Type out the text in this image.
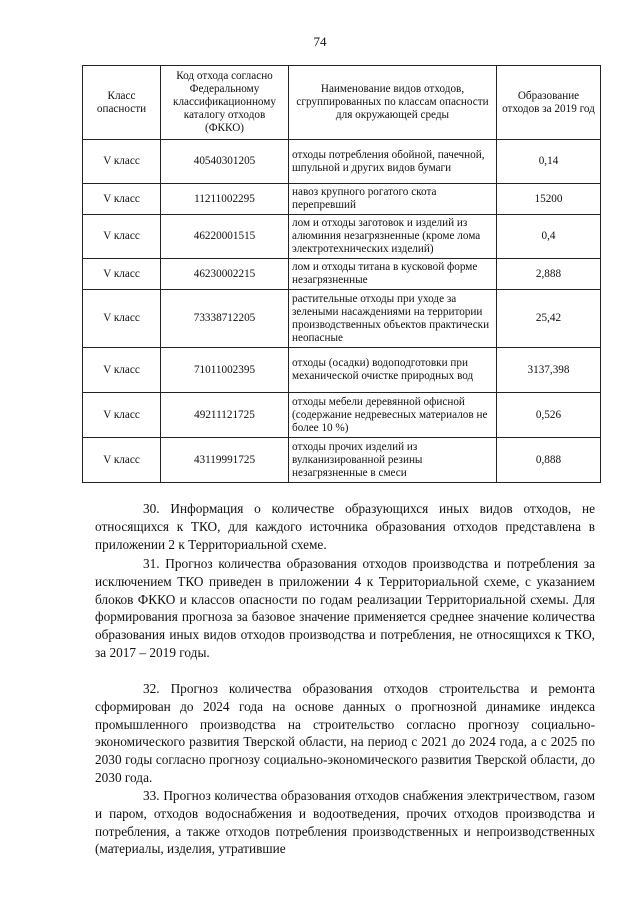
74
Класс опасности	Код отхода согласно Федеральному классификационному каталогу отходов (ФККО)	Наименование видов отходов, сгруппированных по классам опасности для окружающей среды	Образование отходов за 2019 год
V класс	40540301205	отходы потребления обойной, пачечной, шпульной и других видов бумаги	0,14
V класс	11211002295	навоз крупного рогатого скота перепревший	15200
V класс	46220001515	лом и отходы заготовок и изделий из алюминия незагрязненные (кроме лома электротехнических изделий)	0,4
V класс	46230002215	лом и отходы титана в кусковой форме незагрязненные	2,888
V класс	73338712205	растительные отходы при уходе за зелеными насаждениями на территории производственных объектов практически неопасные	25,42
V класс	71011002395	отходы (осадки) водоподготовки при механической очистке природных вод	3137,398
V класс	49211121725	отходы мебели деревянной офисной (содержание недревесных материалов не более 10 %)	0,526
V класс	43119991725	отходы прочих изделий из вулканизированной резины незагрязненные в смеси	0,888

30. Информация о количестве образующихся иных видов отходов, не относящихся к ТКО, для каждого источника образования отходов представлена в приложении 2 к Территориальной схеме.

31. Прогноз количества образования отходов производства и потребления за исключением ТКО приведен в приложении 4 к Территориальной схеме, с указанием блоков ФККО и классов опасности по годам реализации Территориальной схемы. Для формирования прогноза за базовое значение применяется среднее значение количества образования иных видов отходов производства и потребления, не относящихся к ТКО, за 2017 – 2019 годы.

32. Прогноз количества образования отходов строительства и ремонта сформирован до 2024 года на основе данных о прогнозной динамике индекса промышленного производства на строительство согласно прогнозу социально-экономического развития Тверской области, на период с 2021 до 2024 года, а с 2025 по 2030 годы согласно прогнозу социально-экономического развития Тверской области, до 2030 года.

33. Прогноз количества образования отходов снабжения электричеством, газом и паром, отходов водоснабжения и водоотведения, прочих отходов производства и потребления, а также отходов потребления производственных и непроизводственных (материалы, изделия, утратившие
